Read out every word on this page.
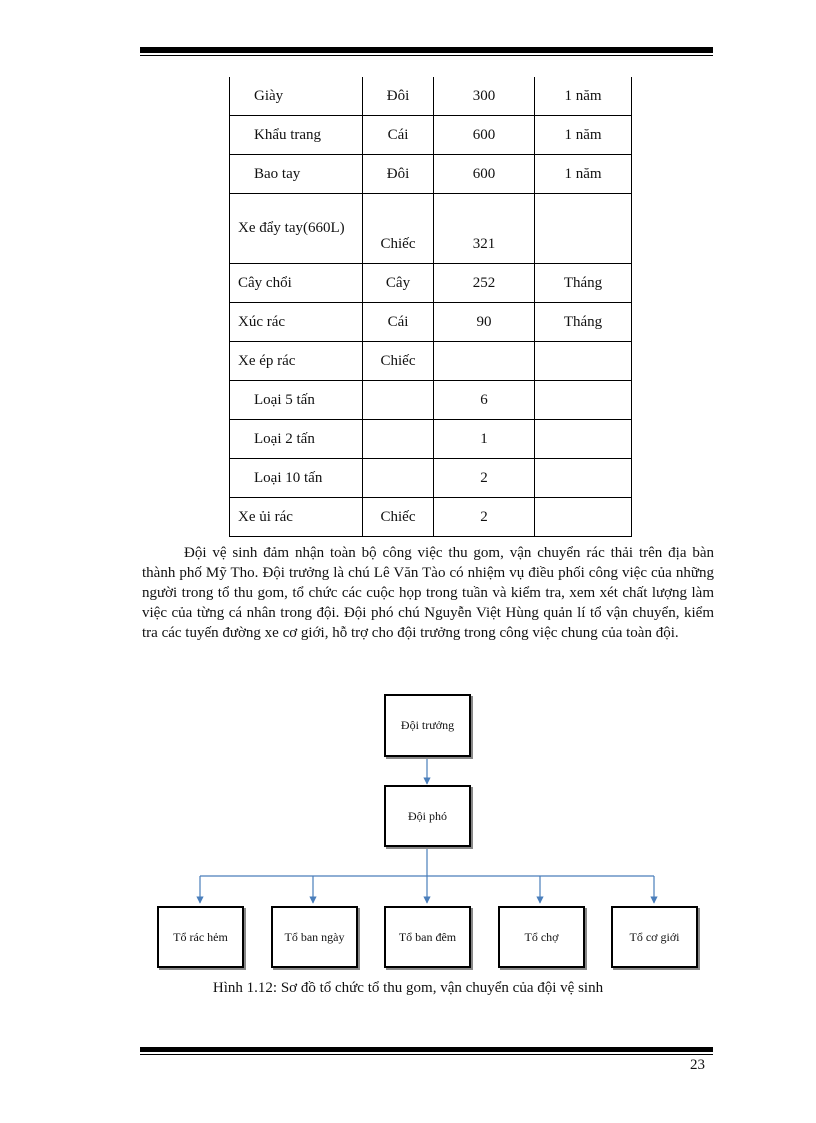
Giày	Đôi	300	1 năm
Khẩu trang	Cái	600	1 năm
Bao tay	Đôi	600	1 năm
Xe đẩy tay(660L)	Chiếc	321	
Cây chổi	Cây	252	Tháng
Xúc rác	Cái	90	Tháng
Xe ép rác	Chiếc		
Loại 5 tấn		6	
Loại 2 tấn		1	
Loại 10 tấn		2	
Xe ủi rác	Chiếc	2	

Đội vệ sinh đảm nhận toàn bộ công việc thu gom, vận chuyển rác thải trên địa bàn thành phố Mỹ Tho. Đội trưởng là chú Lê Văn Tào có nhiệm vụ điều phối công việc của những người trong tổ thu gom, tổ chức các cuộc họp trong tuần và kiểm tra, xem xét chất lượng làm việc của từng cá nhân trong đội. Đội phó chú Nguyễn Việt Hùng quản lí tổ vận chuyển, kiểm tra các tuyến đường xe cơ giới, hỗ trợ cho đội trưởng trong công việc chung của toàn đội.

Đội trưởng
Đội phó
Tổ rác hẻm	Tổ ban ngày	Tổ ban đêm	Tổ chợ	Tổ cơ giới
Hình 1.12: Sơ đồ tổ chức tổ thu gom, vận chuyển của đội vệ sinh
23
